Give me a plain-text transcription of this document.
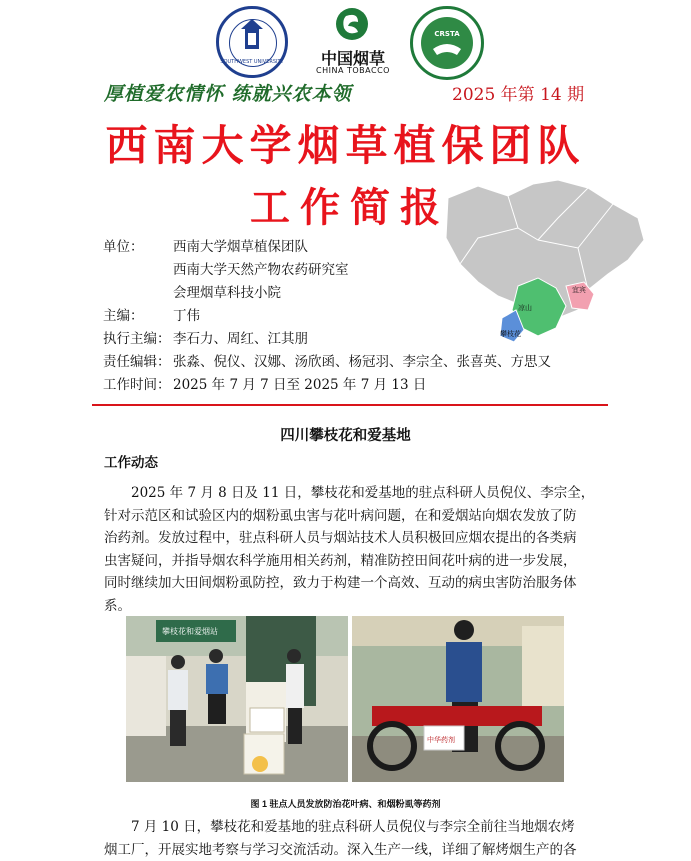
SOUTHWEST UNIVERSITY	中国烟草
CHINA TOBACCO
CRSTA
厚植爱农情怀 练就兴农本领	2025 年第 14 期
凉山
攀枝花
宜宾
西南大学烟草植保团队
工作简报
单位： 西南大学烟草植保团队
西南大学天然产物农药研究室
会理烟草科技小院
主编： 丁伟
执行主编： 李石力、周红、江其朋
责任编辑： 张淼、倪仪、汉娜、汤欣函、杨冠羽、李宗全、张喜英、方思又
工作时间： 2025 年 7 月 7 日至 2025 年 7 月 13 日
四川攀枝花和爱基地
工作动态
　　2025 年 7 月 8 日及 11 日，攀枝花和爱基地的驻点科研人员倪仪、李宗全，
针对示范区和试验区内的烟粉虱虫害与花叶病问题，在和爱烟站向烟农发放了防
治药剂。发放过程中，驻点科研人员与烟站技术人员积极回应烟农提出的各类病
虫害疑问，并指导烟农科学施用相关药剂，精准防控田间花叶病的进一步发展，
同时继续加大田间烟粉虱防控，致力于构建一个高效、互动的病虫害防治服务体
系。
攀枝花和爱烟站
中华药剂
图 1 驻点人员发放防治花叶病、和烟粉虱等药剂
　　7 月 10 日，攀枝花和爱基地的驻点科研人员倪仪与李宗全前往当地烟农烤
烟工厂，开展实地考察与学习交流活动。深入生产一线，详细了解烤烟生产的各
